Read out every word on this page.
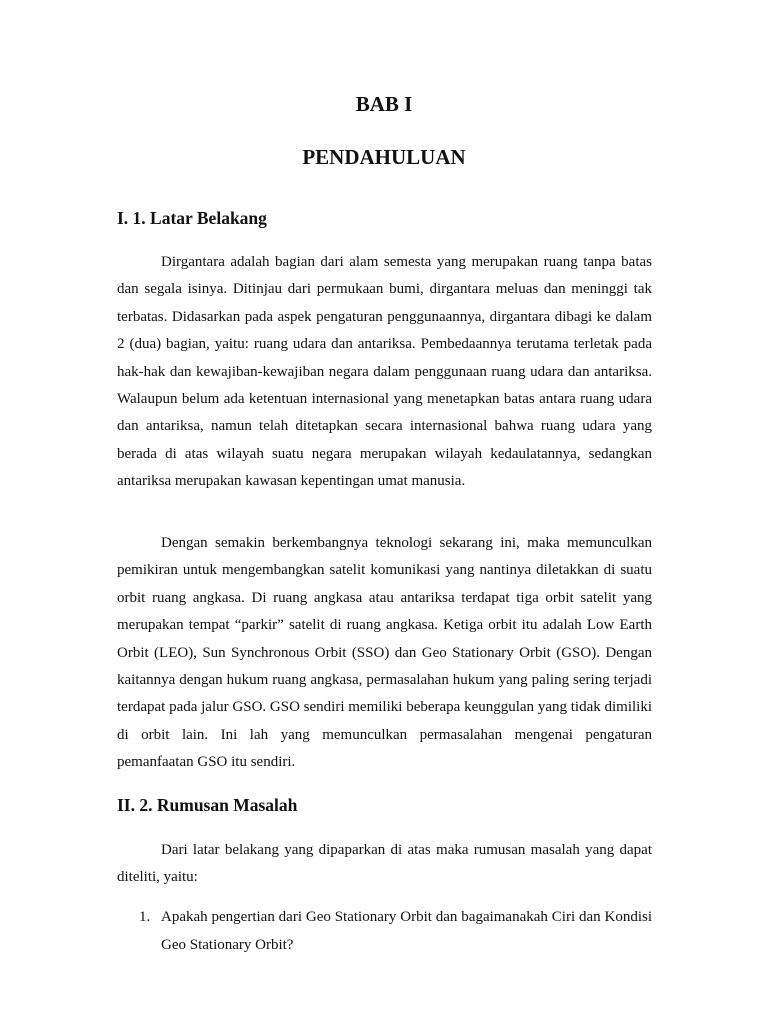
BAB I
PENDAHULUAN
I. 1. Latar Belakang

Dirgantara adalah bagian dari alam semesta yang merupakan ruang tanpa batas dan segala isinya. Ditinjau dari permukaan bumi, dirgantara meluas dan meninggi tak terbatas. Didasarkan pada aspek pengaturan penggunaannya, dirgantara dibagi ke dalam 2 (dua) bagian, yaitu: ruang udara dan antariksa. Pembedaannya terutama terletak pada hak-hak dan kewajiban-kewajiban negara dalam penggunaan ruang udara dan antariksa. Walaupun belum ada ketentuan internasional yang menetapkan batas antara ruang udara dan antariksa, namun telah ditetapkan secara internasional bahwa ruang udara yang berada di atas wilayah suatu negara merupakan wilayah kedaulatannya, sedangkan antariksa merupakan kawasan kepentingan umat manusia.

Dengan semakin berkembangnya teknologi sekarang ini, maka memunculkan pemikiran untuk mengembangkan satelit komunikasi yang nantinya diletakkan di suatu orbit ruang angkasa. Di ruang angkasa atau antariksa terdapat tiga orbit satelit yang merupakan tempat “parkir” satelit di ruang angkasa. Ketiga orbit itu adalah Low Earth Orbit (LEO), Sun Synchronous Orbit (SSO) dan Geo Stationary Orbit (GSO). Dengan kaitannya dengan hukum ruang angkasa, permasalahan hukum yang paling sering terjadi terdapat pada jalur GSO. GSO sendiri memiliki beberapa keunggulan yang tidak dimiliki di orbit lain. Ini lah yang memunculkan permasalahan mengenai pengaturan pemanfaatan GSO itu sendiri.

II. 2. Rumusan Masalah

Dari latar belakang yang dipaparkan di atas maka rumusan masalah yang dapat diteliti, yaitu:

1. Apakah pengertian dari Geo Stationary Orbit dan bagaimanakah Ciri dan Kondisi Geo Stationary Orbit?
